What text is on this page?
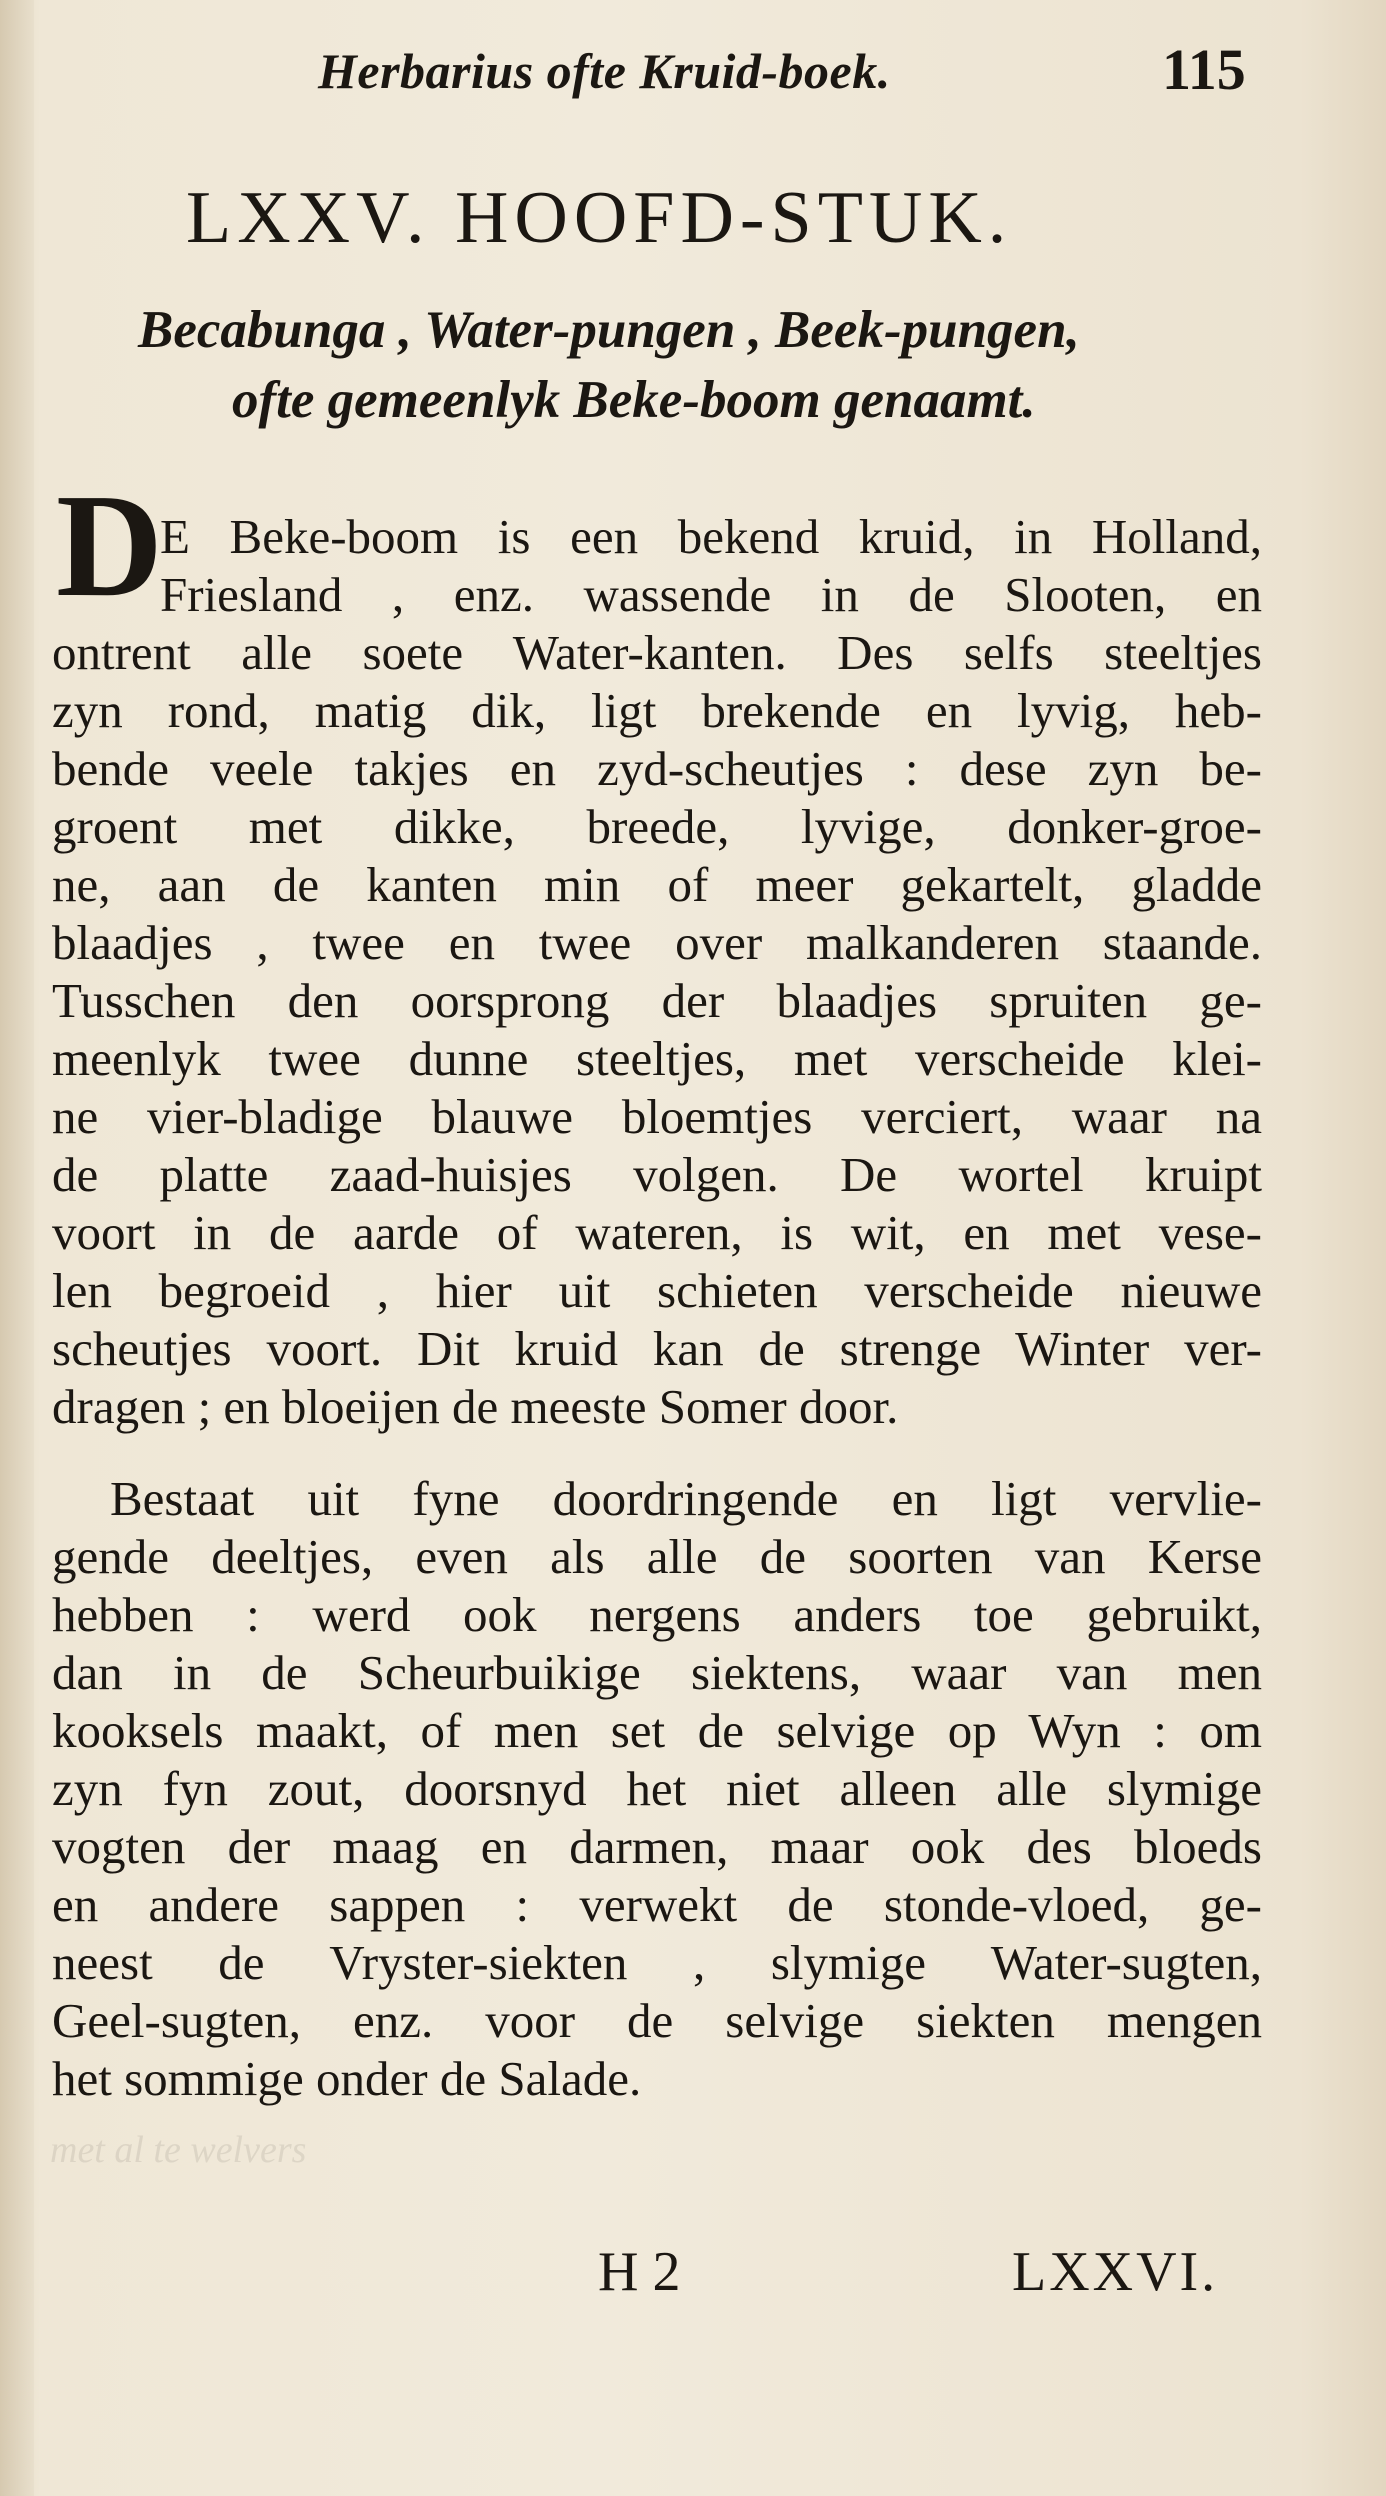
met al te welvers
Herbarius ofte Kruid-boek.	115
LXXV. HOOFD-STUK.
Becabunga , Water-pungen , Beek-pungen,
ofte gemeenlyk Beke-boom genaamt.
D
E Beke-boom is een bekend kruid, in Holland,
Friesland , enz. wassende in de Slooten, en
ontrent alle soete Water-kanten. Des selfs steeltjes
zyn rond, matig dik, ligt brekende en lyvig, heb-
bende veele takjes en zyd-scheutjes : dese zyn be-
groent met dikke, breede, lyvige, donker-groe-
ne, aan de kanten min of meer gekartelt, gladde
blaadjes , twee en twee over malkanderen staande.
Tusschen den oorsprong der blaadjes spruiten ge-
meenlyk twee dunne steeltjes, met verscheide klei-
ne vier-bladige blauwe bloemtjes verciert, waar na
de platte zaad-huisjes volgen. De wortel kruipt
voort in de aarde of wateren, is wit, en met vese-
len begroeid , hier uit schieten verscheide nieuwe
scheutjes voort. Dit kruid kan de strenge Winter ver-
dragen ; en bloeijen de meeste Somer door.
Bestaat uit fyne doordringende en ligt vervlie-
gende deeltjes, even als alle de soorten van Kerse
hebben : werd ook nergens anders toe gebruikt,
dan in de Scheurbuikige siektens, waar van men
kooksels maakt, of men set de selvige op Wyn : om
zyn fyn zout, doorsnyd het niet alleen alle slymige
vogten der maag en darmen, maar ook des bloeds
en andere sappen : verwekt de stonde-vloed, ge-
neest de Vryster-siekten , slymige Water-sugten,
Geel-sugten, enz. voor de selvige siekten mengen
het sommige onder de Salade.
H 2	LXXVI.
